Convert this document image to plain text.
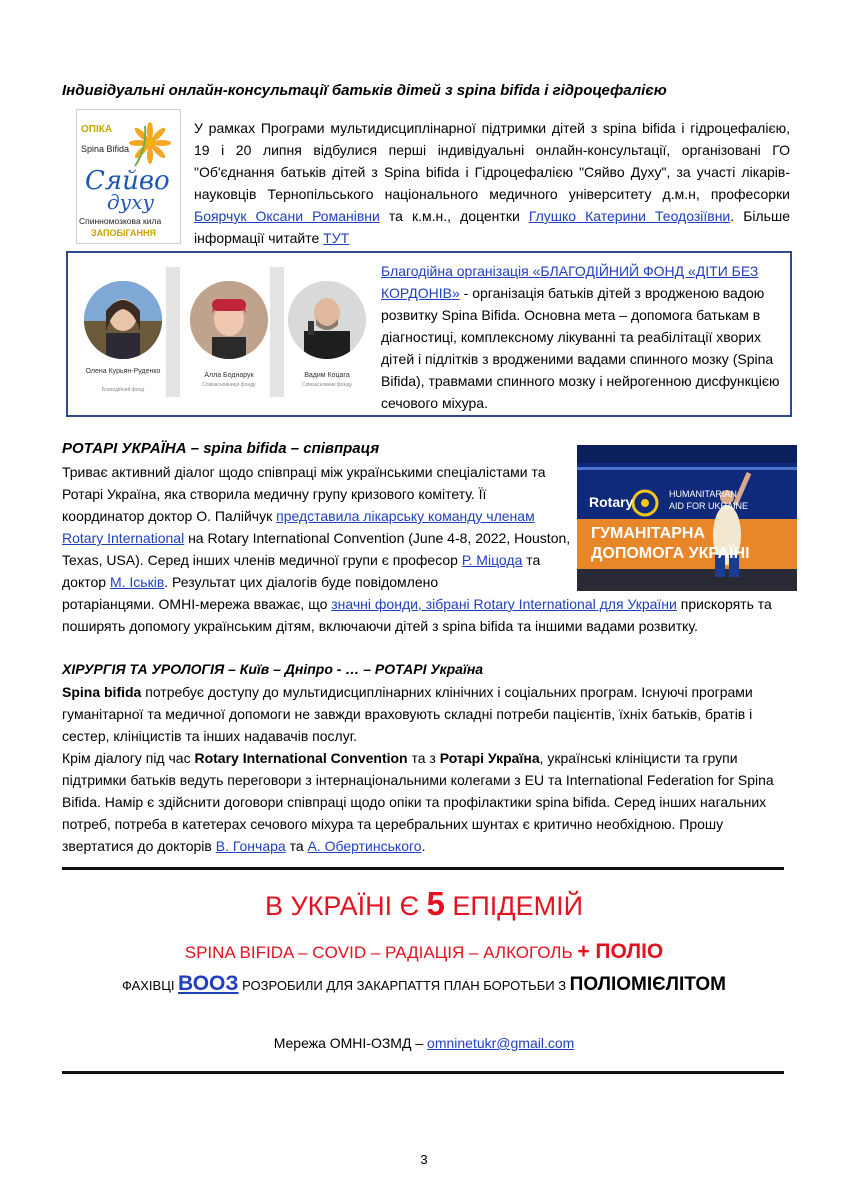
Індивідуальні онлайн-консультації батьків дітей з spina bifida і гідроцефалією
ОПІКА
Spina Bifida
Сяйво
духу
Спинномозкова кила
ЗАПОБІГАННЯ
У рамках Програми мультидисциплінарної підтримки дітей з spina bifida і гідроцефалією, 19 і 20 липня відбулися перші індивідуальні онлайн-консультації, організовані ГО "Об'єднання батьків дітей з Spina bifida і Гідроцефалією "Сяйво Духу", за участі лікарів-науковців Тернопільського національного медичного університету д.м.н, професорки Боярчук Оксани Романівни та к.м.н., доцентки Глушко Катерини Теодозіївни. Більше інформації читайте ТУТ
Олена Курьян-Руденко
Благодійний фонд
Алла Боднарук
Співзасновниця фонду
Вадим Коцага
Співзасновник фонду
Благодійна організація «БЛАГОДІЙНИЙ ФОНД «ДІТИ БЕЗ КОРДОНІВ» - організація батьків дітей з вродженою вадою розвитку Spina Bifida. Основна мета – допомога батькам в діагностиці, комплексному лікуванні та реабілітації хворих дітей і підлітків з вродженими вадами спинного мозку (Spina Bifida), травмами спинного мозку і нейрогенною дисфункцією сечового міхура.
РОТАРІ УКРАЇНА – spina bifida – співпраця
Триває активний діалог щодо співпраці між українськими спеціалістами та Ротарі Україна, яка створила медичну групу кризового комітету. Її координатор доктор О. Палійчук представила лікарську команду членам Rotary International на Rotary International Convention (June 4-8, 2022, Houston, Texas, USA). Серед інших членів медичної групи є професор Р. Міцода та доктор М. Іськів. Результат цих діалогів буде повідомлено
ротаріанцями. ОМНІ-мережа вважає, що значні фонди, зібрані Rotary International для України прискорять та поширять допомогу українським дітям, включаючи дітей з spina bifida та іншими вадами розвитку.
Rotary	HUMANITARIAN
AID FOR UKRAINE
ГУМАНІТАРНА
ДОПОМОГА УКРАЇНІ
ХІРУРГІЯ ТА УРОЛОГІЯ – Київ – Дніпро - … – РОТАРІ Україна

Spina bifida потребує доступу до мультидисциплінарних клінічних і соціальних програм. Існуючі програми гуманітарної та медичної допомоги не завжди враховують складні потреби пацієнтів, їхніх батьків, братів і сестер, клініцистів та інших надавачів послуг.

Крім діалогу під час Rotary International Convention та з Ротарі Україна, українські клініцисти та групи підтримки батьків ведуть переговори з інтернаціональними колегами з EU та International Federation for Spina Bifida. Намір є здійснити договори співпраці щодо опіки та профілактики spina bifida. Серед інших нагальних потреб, потреба в катетерах сечового міхура та церебральних шунтах є критично необхідною. Прошу звертатися до докторів В. Гончара та А. Обертинського.

В УКРАЇНІ Є 5 ЕПІДЕМІЙ
SPINA BIFIDA – COVID – РАДІАЦІЯ – АЛКОГОЛЬ + ПОЛІО
ФАХІВЦІ ВООЗ РОЗРОБИЛИ ДЛЯ ЗАКАРПАТТЯ ПЛАН БОРОТЬБИ З ПОЛІОМІЄЛІТОМ
Мережа ОМНІ-ОЗМД – omninetukr@gmail.com
3
